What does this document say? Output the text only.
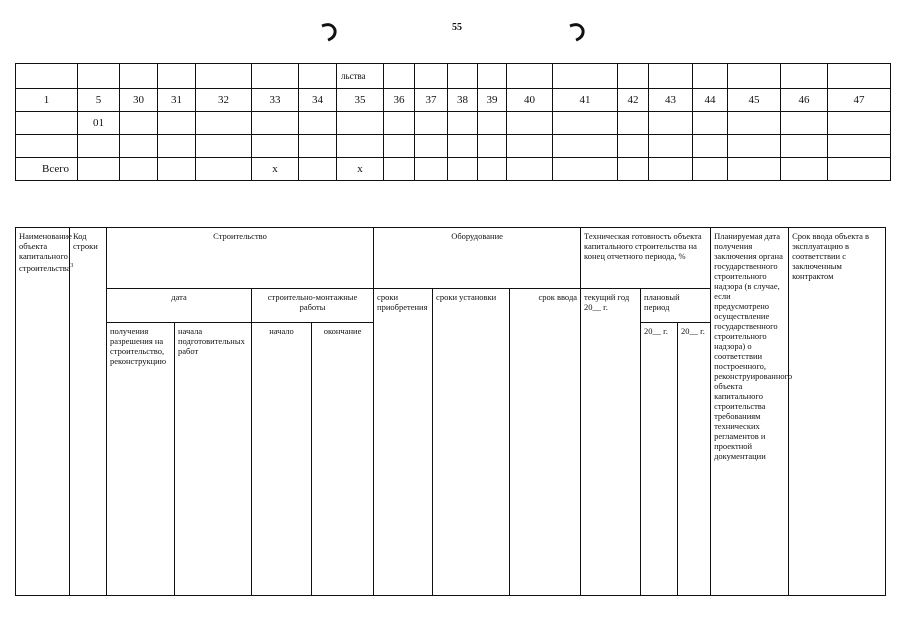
55
							льства												
1	5	30	31	32	33	34	35	36	37	38	39	40	41	42	43	44	45	46	47
	01																		

Всего					x		x												
Наименование объекта капитального строительства$^3$	Код строки	Строительство				Оборудование			Техническая готовность объекта капитального строительства на конец отчетного периода, %			Планируемая дата получения заключения органа государственного строительного надзора (в случае, если предусмотрено осуществление государственного строительного надзора) о соответствии построенного, реконструированного объекта капитального строительства требованиям технических регламентов и проектной документации	Срок ввода объекта в эксплуатацию в соответствии с заключенным контрактом
		дата		строительно-монтажные работы		сроки приобретения	сроки установки	срок ввода	текущий год 20__ г.	плановый период			
		получения разрешения на строительство, реконструкцию	начала подготовительных работ	начало	окончание					20__ г.	20__ г.		
